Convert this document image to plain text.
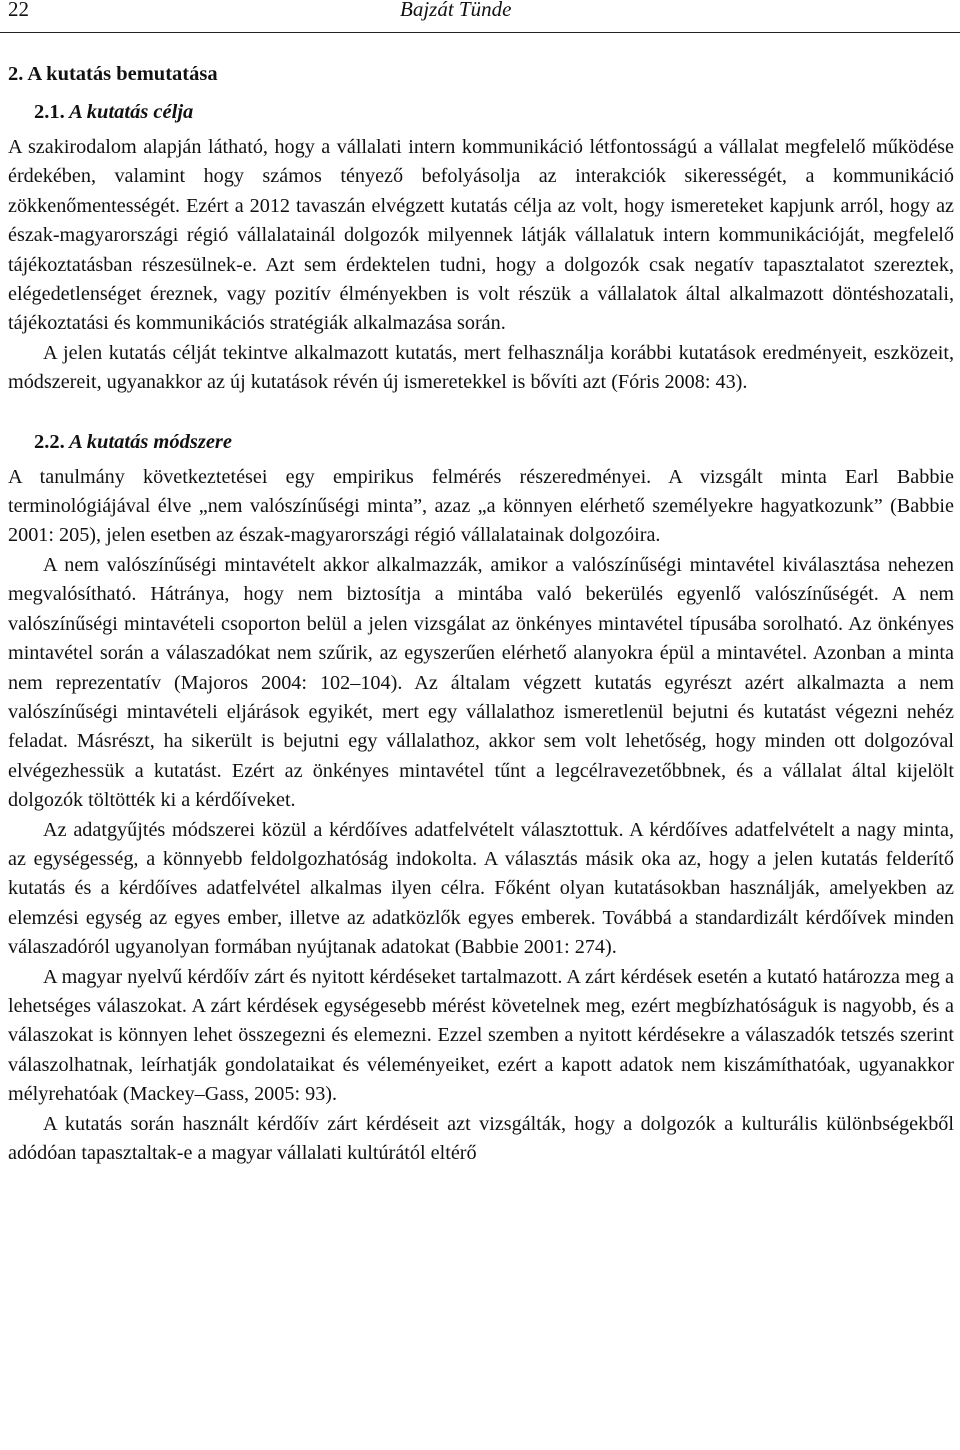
22	Bajzát Tünde
2. A kutatás bemutatása
2.1. A kutatás célja

A szakirodalom alapján látható, hogy a vállalati intern kommunikáció létfontosságú a vállalat megfelelő működése érdekében, valamint hogy számos tényező befolyásolja az interakciók sikerességét, a kommunikáció zökkenőmentességét. Ezért a 2012 tavaszán elvégzett kutatás célja az volt, hogy ismereteket kapjunk arról, hogy az észak-magyarországi régió vállalatainál dolgozók milyennek látják vállalatuk intern kommunikációját, megfelelő tájékoztatásban részesülnek-e. Azt sem érdektelen tudni, hogy a dolgozók csak negatív tapasztalatot szereztek, elégedetlenséget éreznek, vagy pozitív élményekben is volt részük a vállalatok által alkalmazott döntéshozatali, tájékoztatási és kommunikációs stratégiák alkalmazása során.

A jelen kutatás célját tekintve alkalmazott kutatás, mert felhasználja korábbi kutatások eredményeit, eszközeit, módszereit, ugyanakkor az új kutatások révén új ismeretekkel is bővíti azt (Fóris 2008: 43).

2.2. A kutatás módszere

A tanulmány következtetései egy empirikus felmérés részeredményei. A vizsgált minta Earl Babbie terminológiájával élve „nem valószínűségi minta”, azaz „a könnyen elérhető személyekre hagyatkozunk” (Babbie 2001: 205), jelen esetben az észak-magyarországi régió vállalatainak dolgozóira.

A nem valószínűségi mintavételt akkor alkalmazzák, amikor a valószínűségi mintavétel kiválasztása nehezen megvalósítható. Hátránya, hogy nem biztosítja a mintába való bekerülés egyenlő valószínűségét. A nem valószínűségi mintavételi csoporton belül a jelen vizsgálat az önkényes mintavétel típusába sorolható. Az önkényes mintavétel során a válaszadókat nem szűrik, az egyszerűen elérhető alanyokra épül a mintavétel. Azonban a minta nem reprezentatív (Majoros 2004: 102–104). Az általam végzett kutatás egyrészt azért alkalmazta a nem valószínűségi mintavételi eljárások egyikét, mert egy vállalathoz ismeretlenül bejutni és kutatást végezni nehéz feladat. Másrészt, ha sikerült is bejutni egy vállalathoz, akkor sem volt lehetőség, hogy minden ott dolgozóval elvégezhessük a kutatást. Ezért az önkényes mintavétel tűnt a legcélravezetőbbnek, és a vállalat által kijelölt dolgozók töltötték ki a kérdőíveket.

Az adatgyűjtés módszerei közül a kérdőíves adatfelvételt választottuk. A kérdőíves adatfelvételt a nagy minta, az egységesség, a könnyebb feldolgozhatóság indokolta. A választás másik oka az, hogy a jelen kutatás felderítő kutatás és a kérdőíves adatfelvétel alkalmas ilyen célra. Főként olyan kutatásokban használják, amelyekben az elemzési egység az egyes ember, illetve az adatközlők egyes emberek. Továbbá a standardizált kérdőívek minden válaszadóról ugyanolyan formában nyújtanak adatokat (Babbie 2001: 274).

A magyar nyelvű kérdőív zárt és nyitott kérdéseket tartalmazott. A zárt kérdések esetén a kutató határozza meg a lehetséges válaszokat. A zárt kérdések egységesebb mérést követelnek meg, ezért megbízhatóságuk is nagyobb, és a válaszokat is könnyen lehet összegezni és elemezni. Ezzel szemben a nyitott kérdésekre a válaszadók tetszés szerint válaszolhatnak, leírhatják gondolataikat és véleményeiket, ezért a kapott adatok nem kiszámíthatóak, ugyanakkor mélyrehatóak (Mackey–Gass, 2005: 93).

A kutatás során használt kérdőív zárt kérdéseit azt vizsgálták, hogy a dolgozók a kulturális különbségekből adódóan tapasztaltak-e a magyar vállalati kultúrától eltérő
